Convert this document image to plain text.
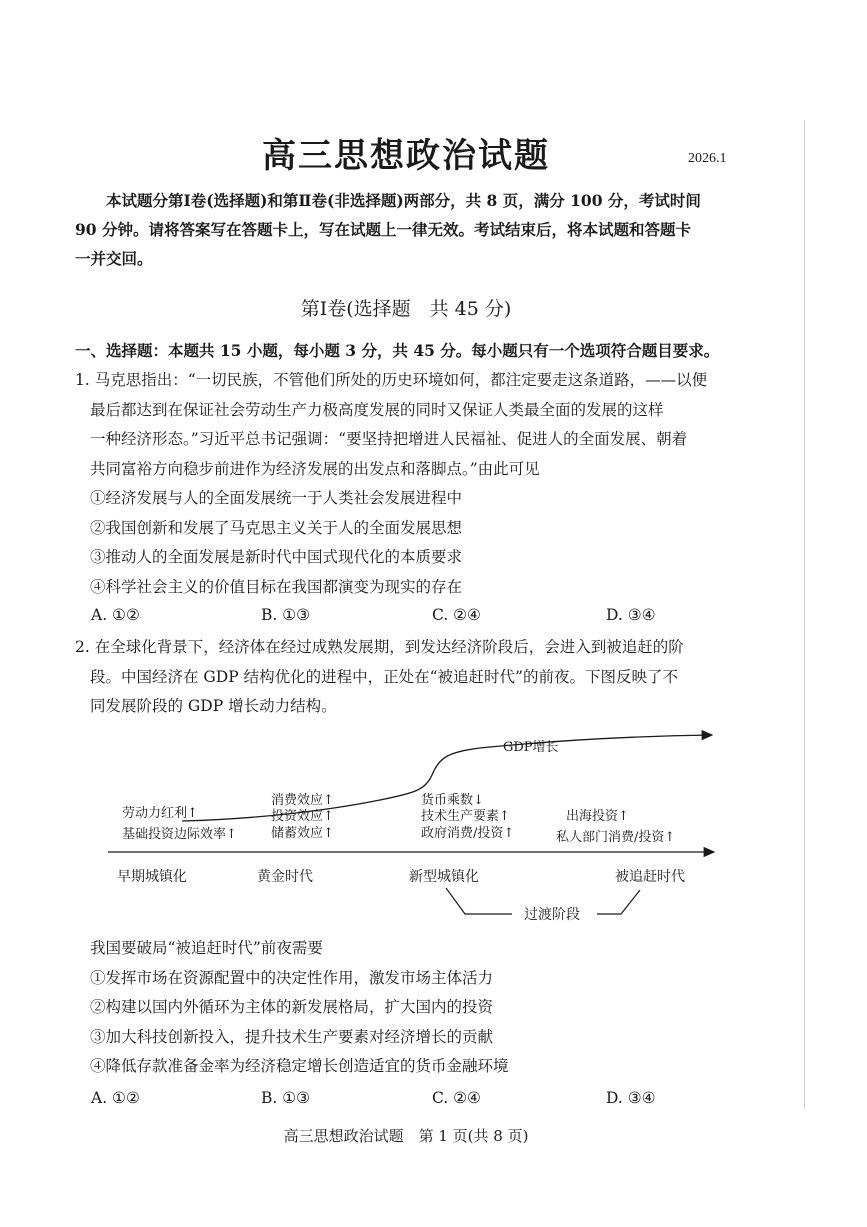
高三思想政治试题	2026.1
本试题分第Ⅰ卷(选择题)和第Ⅱ卷(非选择题)两部分，共 8 页，满分 100 分，考试时间
90 分钟。请将答案写在答题卡上，写在试题上一律无效。考试结束后，将本试题和答题卡
一并交回。
第Ⅰ卷(选择题　共 45 分)
一、选择题：本题共 15 小题，每小题 3 分，共 45 分。每小题只有一个选项符合题目要求。
1. 马克思指出：“一切民族，不管他们所处的历史环境如何，都注定要走这条道路，——以便
最后都达到在保证社会劳动生产力极高度发展的同时又保证人类最全面的发展的这样
一种经济形态。”习近平总书记强调：“要坚持把增进人民福祉、促进人的全面发展、朝着
共同富裕方向稳步前进作为经济发展的出发点和落脚点。”由此可见
①经济发展与人的全面发展统一于人类社会发展进程中
②我国创新和发展了马克思主义关于人的全面发展思想
③推动人的全面发展是新时代中国式现代化的本质要求
④科学社会主义的价值目标在我国都演变为现实的存在
A. ①②	B. ①③	C. ②④	D. ③④
2. 在全球化背景下，经济体在经过成熟发展期，到发达经济阶段后，会进入到被追赶的阶
段。中国经济在 GDP 结构优化的进程中，正处在“被追赶时代”的前夜。下图反映了不
同发展阶段的 GDP 增长动力结构。
GDP增长
劳动力红利↑
基础投资边际效率↑
消费效应↑
投资效应↑
储蓄效应↑
货币乘数↓
技术生产要素↑
政府消费/投资↑
出海投资↑
私人部门消费/投资↑
早期城镇化	黄金时代	新型城镇化	被追赶时代
过渡阶段
我国要破局“被追赶时代”前夜需要
①发挥市场在资源配置中的决定性作用，激发市场主体活力
②构建以国内外循环为主体的新发展格局，扩大国内的投资
③加大科技创新投入，提升技术生产要素对经济增长的贡献
④降低存款准备金率为经济稳定增长创造适宜的货币金融环境
A. ①②	B. ①③	C. ②④	D. ③④
高三思想政治试题　第 1 页(共 8 页)
